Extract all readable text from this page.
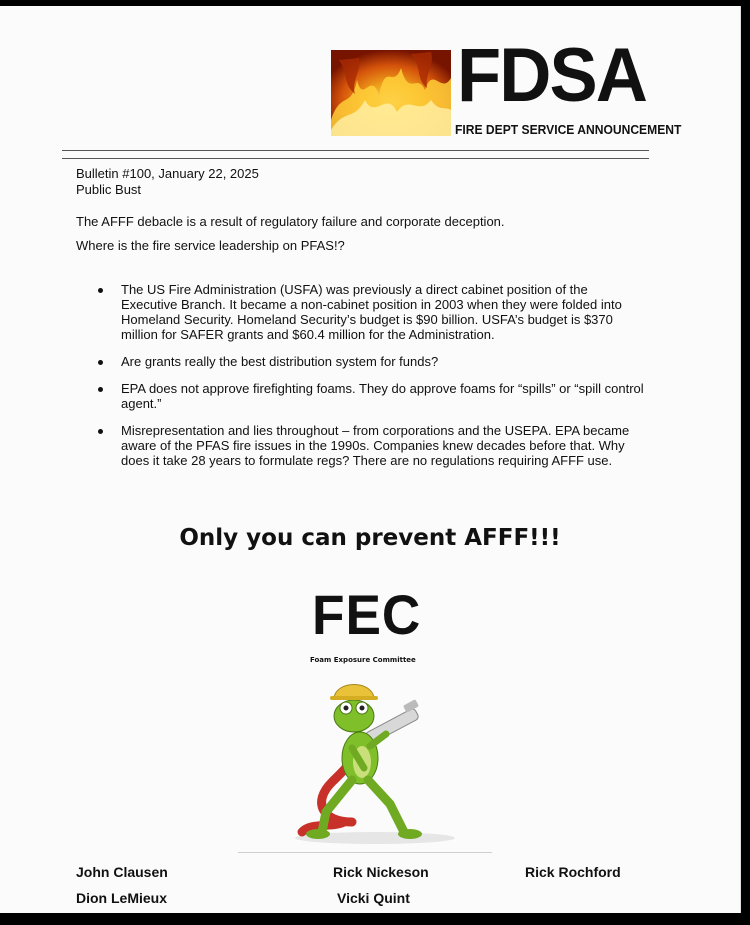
FDSA
FIRE DEPT SERVICE ANNOUNCEMENT
Bulletin #100, January 22, 2025
Public Bust
The AFFF debacle is a result of regulatory failure and corporate deception.
Where is the fire service leadership on PFAS!?
The US Fire Administration (USFA) was previously a direct cabinet position of the Executive Branch. It became a non-cabinet position in 2003 when they were folded into Homeland Security. Homeland Security’s budget is $90 billion. USFA’s budget is $370 million for SAFER grants and $60.4 million for the Administration.
Are grants really the best distribution system for funds?
EPA does not approve firefighting foams. They do approve foams for “spills” or “spill control agent.”
Misrepresentation and lies throughout – from corporations and the USEPA. EPA became aware of the PFAS fire issues in the 1990s. Companies knew decades before that. Why does it take 28 years to formulate regs? There are no regulations requiring AFFF use.
Only you can prevent AFFF!!!
FEC
Foam Exposure Committee
John Clausen	Rick Nickeson	Rick Rochford
Dion LeMieux	Vicki Quint
